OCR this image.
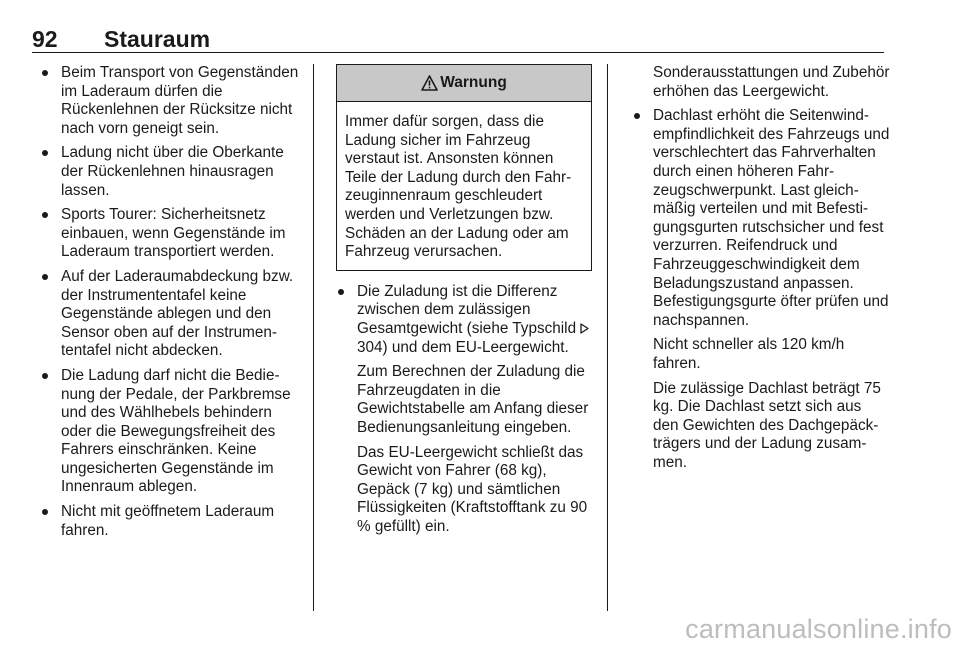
92 Stauraum
Beim Transport von Gegenständen im Laderaum dürfen die Rückenlehnen der Rücksitze nicht nach vorn geneigt sein.
Ladung nicht über die Oberkante der Rückenlehnen hinausragen lassen.
Sports Tourer: Sicherheitsnetz einbauen, wenn Gegenstände im Laderaum transportiert werden.
Auf der Laderaumabdeckung bzw. der Instrumententafel keine Gegenstände ablegen und den Sensor oben auf der Instrumententafel nicht abdecken.
Die Ladung darf nicht die Bedienung der Pedale, der Parkbremse und des Wählhebels behindern oder die Bewegungsfreiheit des Fahrers einschränken. Keine ungesicherten Gegenstände im Innenraum ablegen.
Nicht mit geöffnetem Laderaum fahren.
Warnung
Immer dafür sorgen, dass die Ladung sicher im Fahrzeug verstaut ist. Ansonsten können Teile der Ladung durch den Fahrzeuginnenraum geschleudert werden und Verletzungen bzw. Schäden an der Ladung oder am Fahrzeug verursachen.
Die Zuladung ist die Differenz zwischen dem zulässigen Gesamtgewicht (siehe Typschild  304) und dem EU-Leergewicht.
Zum Berechnen der Zuladung die Fahrzeugdaten in die Gewichtstabelle am Anfang dieser Bedienungsanleitung eingeben.
Das EU-Leergewicht schließt das Gewicht von Fahrer (68 kg), Gepäck (7 kg) und sämtlichen Flüssigkeiten (Kraftstofftank zu 90 % gefüllt) ein.
Sonderausstattungen und Zubehör erhöhen das Leergewicht.
Dachlast erhöht die Seitenwindempfindlichkeit des Fahrzeugs und verschlechtert das Fahrverhalten durch einen höheren Fahrzeugschwerpunkt. Last gleichmäßig verteilen und mit Befestigungsgurten rutschsicher und fest verzurren. Reifendruck und Fahrzeuggeschwindigkeit dem Beladungszustand anpassen. Befestigungsgurte öfter prüfen und nachspannen.
Nicht schneller als 120 km/h fahren.
Die zulässige Dachlast beträgt 75 kg. Die Dachlast setzt sich aus den Gewichten des Dachgepäckträgers und der Ladung zusammen.
carmanualsonline.info
